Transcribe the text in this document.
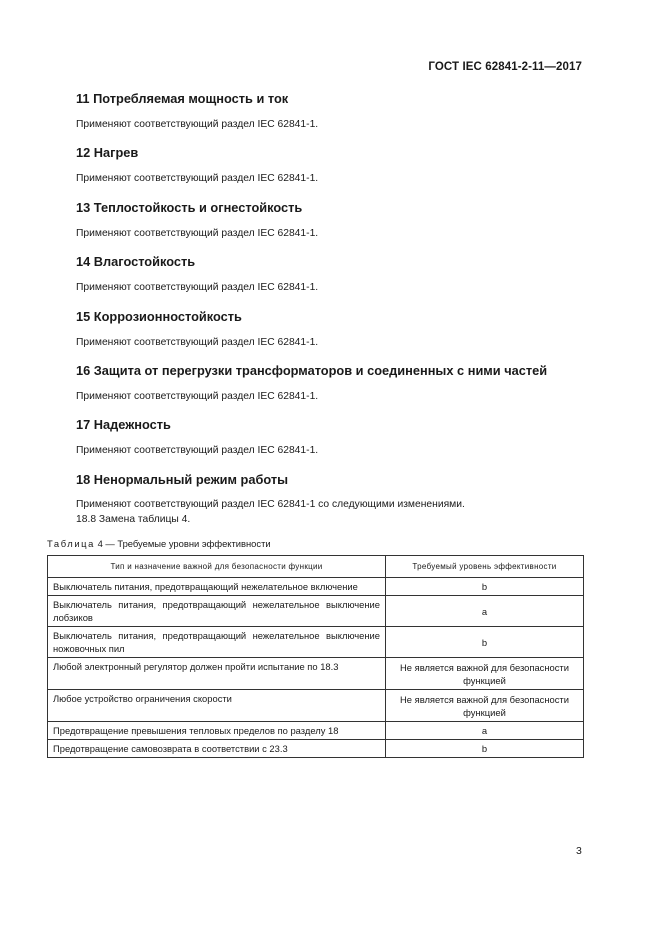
ГОСТ IEC 62841-2-11—2017
11 Потребляемая мощность и ток
Применяют соответствующий раздел IEC 62841-1.
12 Нагрев
Применяют соответствующий раздел IEC 62841-1.
13 Теплостойкость и огнестойкость
Применяют соответствующий раздел IEC 62841-1.
14 Влагостойкость
Применяют соответствующий раздел IEC 62841-1.
15 Коррозионностойкость
Применяют соответствующий раздел IEC 62841-1.
16 Защита от перегрузки трансформаторов и соединенных с ними частей
Применяют соответствующий раздел IEC 62841-1.
17 Надежность
Применяют соответствующий раздел IEC 62841-1.
18 Ненормальный режим работы
Применяют соответствующий раздел IEC 62841-1 со следующими изменениями.
18.8 Замена таблицы 4.
Таблица 4 — Требуемые уровни эффективности
Тип и назначение важной для безопасности функции	Требуемый уровень эффективности
Выключатель питания, предотвращающий нежелательное включение	b
Выключатель питания, предотвращающий нежелательное выключение лобзиков	a
Выключатель питания, предотвращающий нежелательное выключение ножовочных пил	b
Любой электронный регулятор должен пройти испытание по 18.3	Не является важной для безопасности функцией
Любое устройство ограничения скорости	Не является важной для безопасности функцией
Предотвращение превышения тепловых пределов по разделу 18	a
Предотвращение самовозврата в соответствии с 23.3	b
3
